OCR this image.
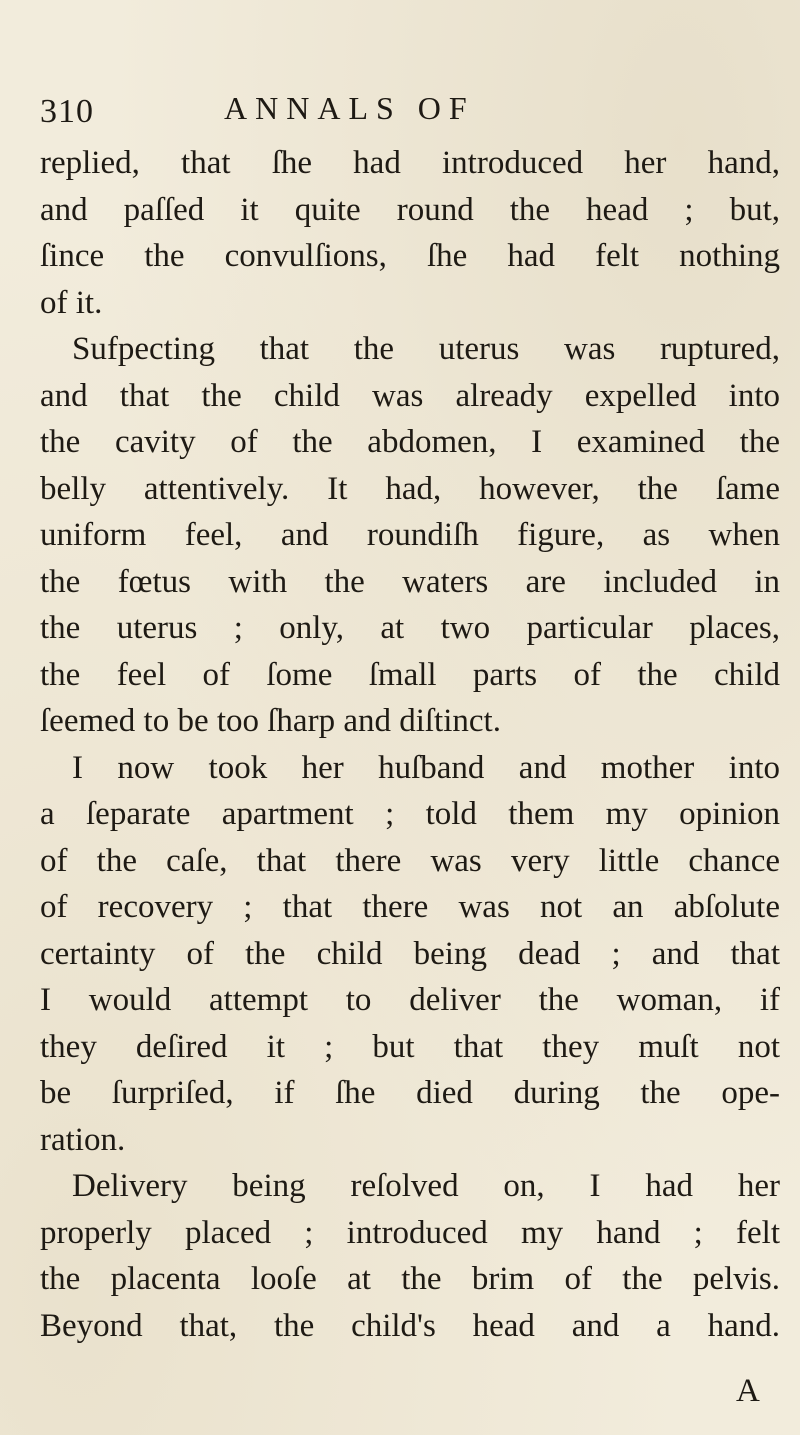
310	ANNALS OF
replied, that ſhe had introduced her hand,
and paſſed it quite round the head ; but,
ſince the convulſions, ſhe had felt nothing
of it.
Sufpecting that the uterus was ruptured,
and that the child was already expelled into
the cavity of the abdomen, I examined the
belly attentively. It had, however, the ſame
uniform feel, and roundiſh figure, as when
the fœtus with the waters are included in
the uterus ; only, at two particular places,
the feel of ſome ſmall parts of the child
ſeemed to be too ſharp and diſtinct.
I now took her huſband and mother into
a ſeparate apartment ; told them my opinion
of the caſe, that there was very little chance
of recovery ; that there was not an abſolute
certainty of the child being dead ; and that
I would attempt to deliver the woman, if
they deſired it ; but that they muſt not
be ſurpriſed, if ſhe died during the ope-
ration.
Delivery being reſolved on, I had her
properly placed ; introduced my hand ; felt
the placenta looſe at the brim of the pelvis.
Beyond that, the child's head and a hand.
A
